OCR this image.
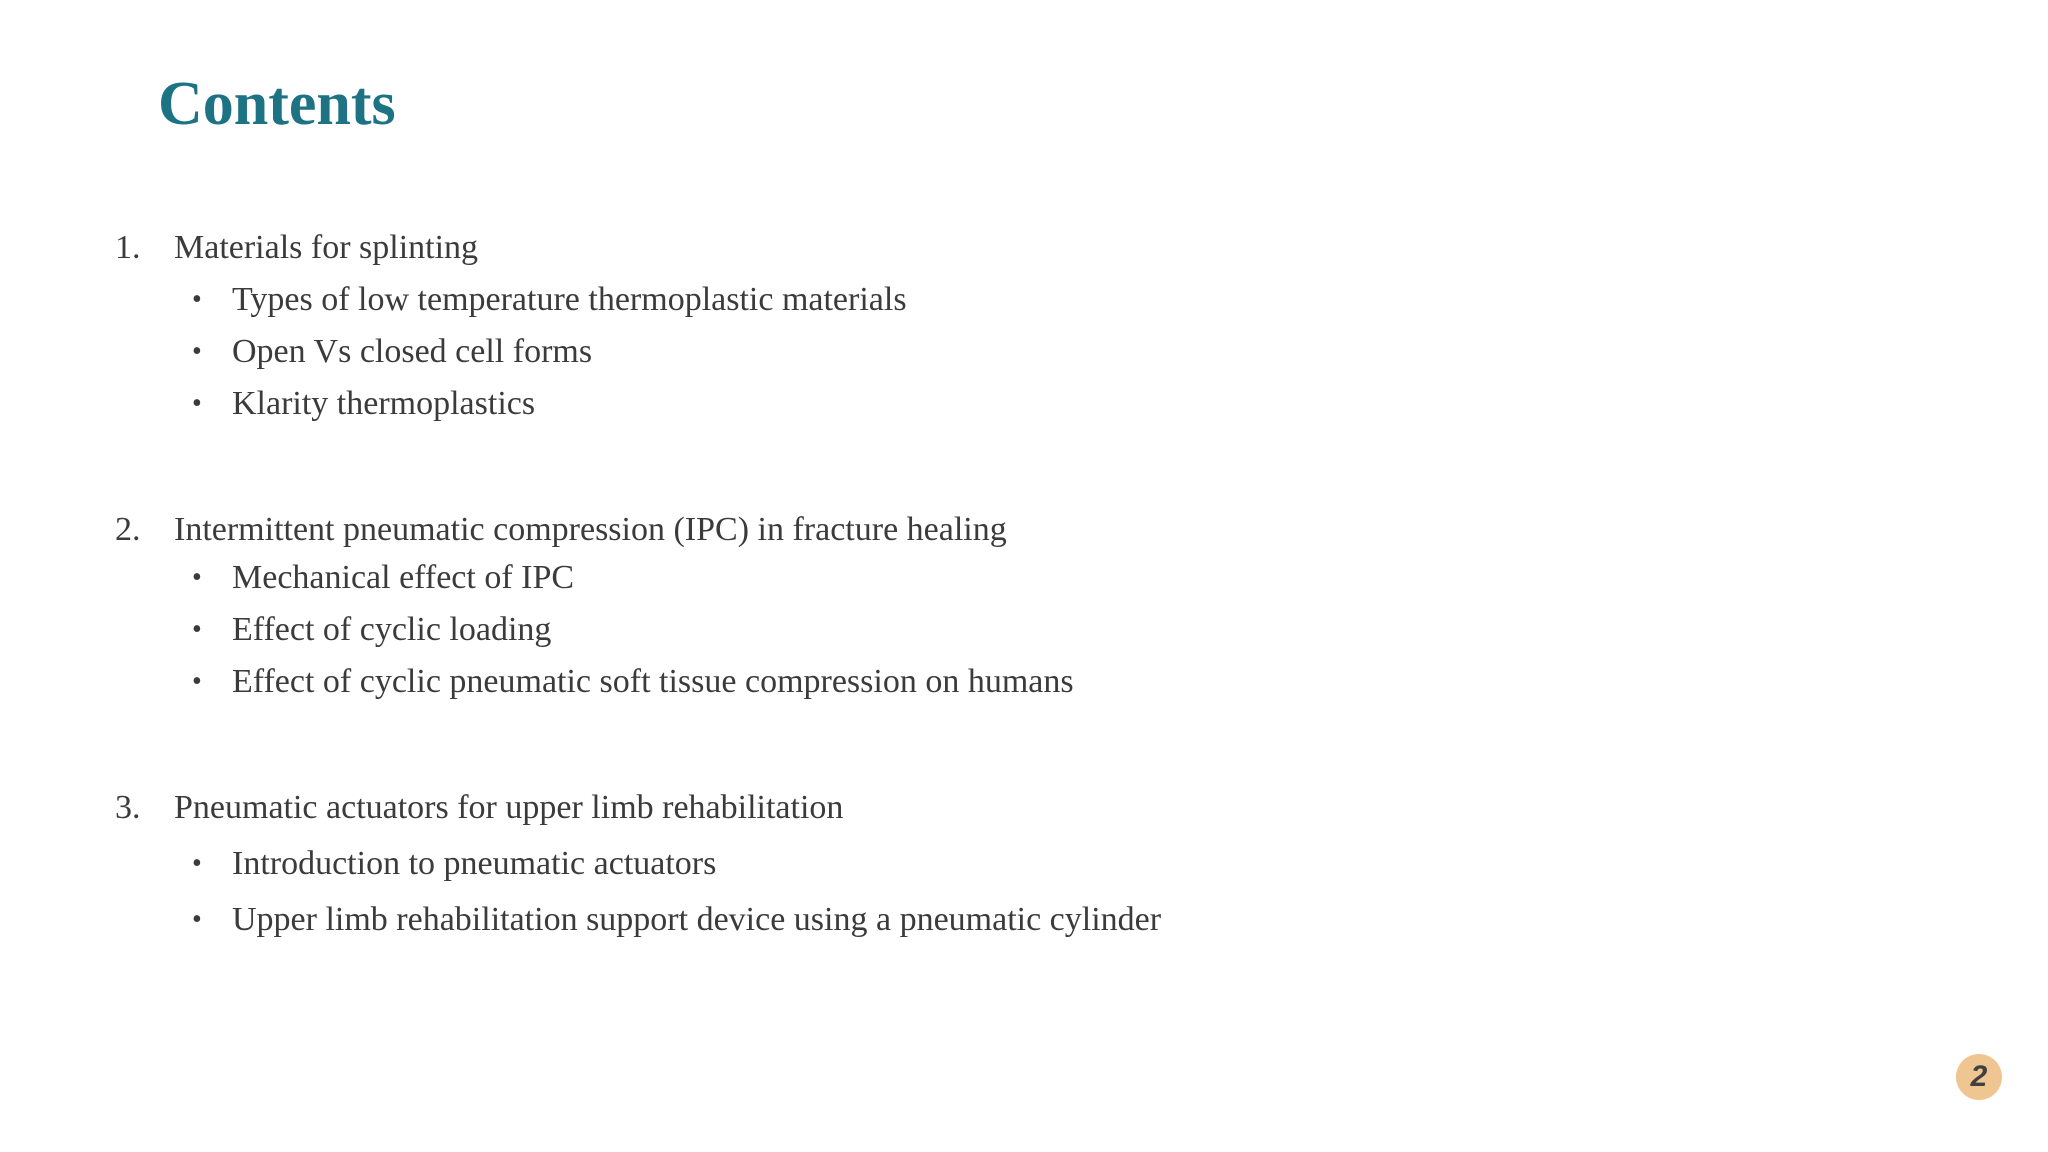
Contents
1. Materials for splinting
• Types of low temperature thermoplastic materials
• Open Vs closed cell forms
• Klarity thermoplastics
2. Intermittent pneumatic compression (IPC) in fracture healing
• Mechanical effect of IPC
• Effect of cyclic loading
• Effect of cyclic pneumatic soft tissue compression on humans
3. Pneumatic actuators for upper limb rehabilitation
• Introduction to pneumatic actuators
• Upper limb rehabilitation support device using a pneumatic cylinder
2
